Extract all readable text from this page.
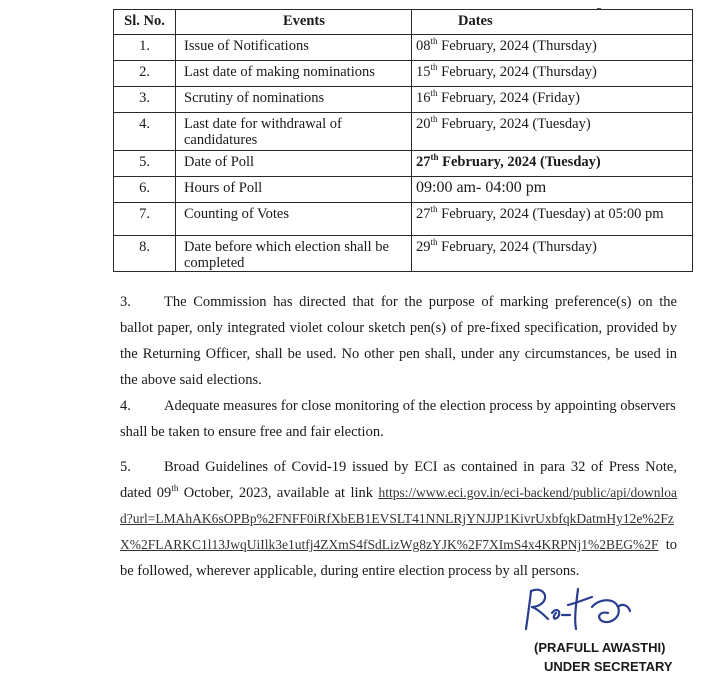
Sl. No.	Events	Dates
1.	Issue of Notifications	08th February, 2024 (Thursday)
2.	Last date of making nominations	15th February, 2024 (Thursday)
3.	Scrutiny of nominations	16th February, 2024 (Friday)
4.	Last date for withdrawal of candidatures	20th February, 2024 (Tuesday)
5.	Date of Poll	27th February, 2024 (Tuesday)
6.	Hours of Poll	09:00 am- 04:00 pm
7.	Counting of Votes	27th February, 2024 (Tuesday) at 05:00 pm
8.	Date before which election shall be completed	29th February, 2024 (Thursday)

3. The Commission has directed that for the purpose of marking preference(s) on the ballot paper, only integrated violet colour sketch pen(s) of pre-fixed specification, provided by the Returning Officer, shall be used. No other pen shall, under any circumstances, be used in the above said elections.

4. Adequate measures for close monitoring of the election process by appointing observers shall be taken to ensure free and fair election.

5. Broad Guidelines of Covid-19 issued by ECI as contained in para 32 of Press Note, dated 09th October, 2023, available at link https://www.eci.gov.in/eci-backend/public/api/download?url=LMAhAK6sOPBp%2FNFF0iRfXbEB1EVSLT41NNLRjYNJJP1KivrUxbfqkDatmHy12e%2FzX%2FLARKC1l13JwqUiIlk3e1utfj4ZXmS4fSdLizWg8zYJK%2F7XImS4x4KRPNj1%2BEG%2F to be followed, wherever applicable, during entire election process by all persons.

(PRAFULL AWASTHI)
UNDER SECRETARY
